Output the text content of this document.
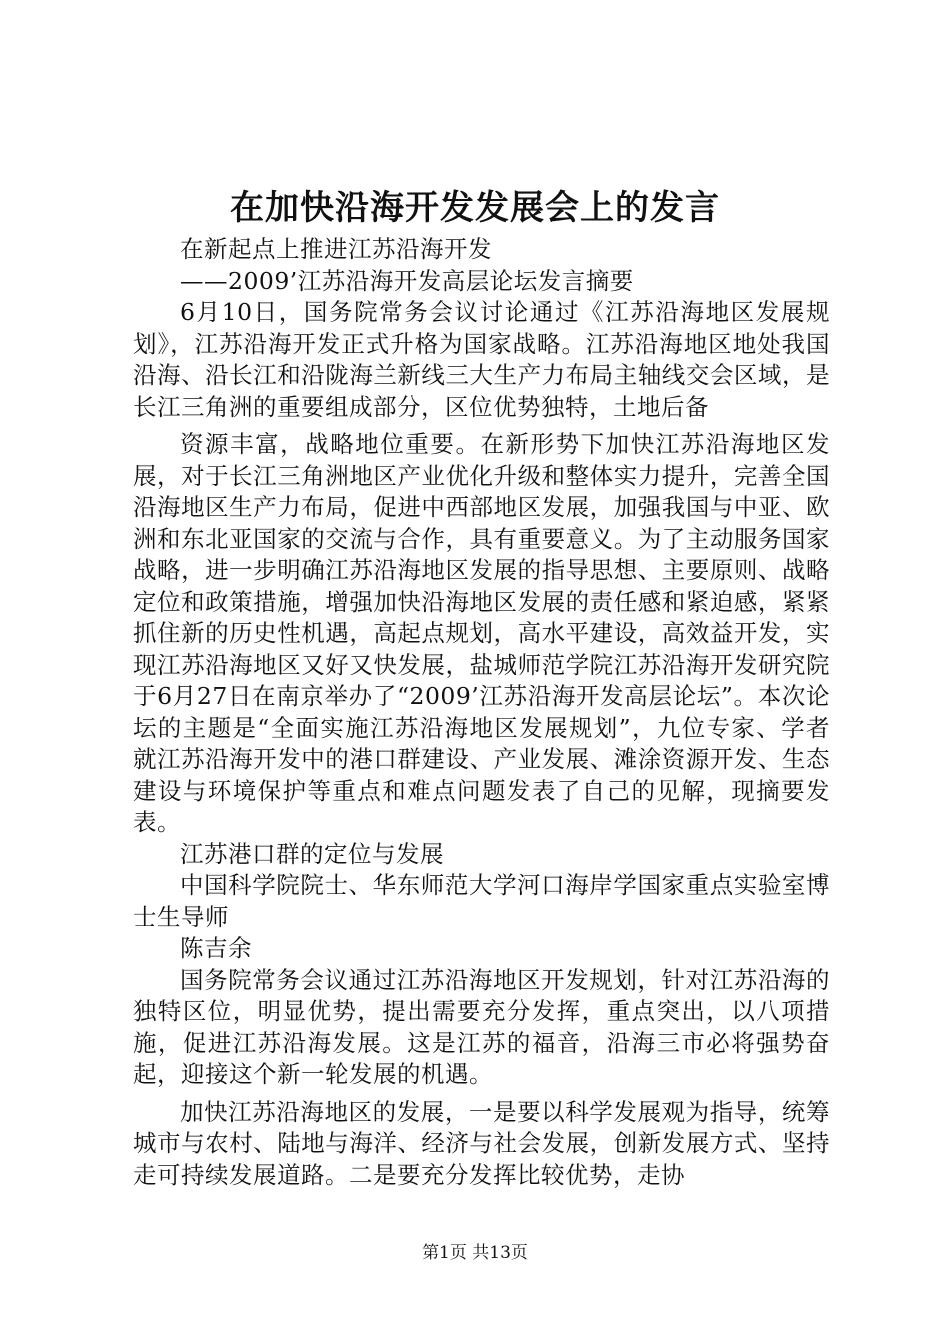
在加快沿海开发发展会上的发言

在新起点上推进江苏沿海开发

——2009’江苏沿海开发高层论坛发言摘要

6月10日，国务院常务会议讨论通过《江苏沿海地区发展规划》，江苏沿海开发正式升格为国家战略。江苏沿海地区地处我国沿海、沿长江和沿陇海兰新线三大生产力布局主轴线交会区域，是长江三角洲的重要组成部分，区位优势独特，土地后备

资源丰富，战略地位重要。在新形势下加快江苏沿海地区发展，对于长江三角洲地区产业优化升级和整体实力提升，完善全国沿海地区生产力布局，促进中西部地区发展，加强我国与中亚、欧洲和东北亚国家的交流与合作，具有重要意义。为了主动服务国家战略，进一步明确江苏沿海地区发展的指导思想、主要原则、战略定位和政策措施，增强加快沿海地区发展的责任感和紧迫感，紧紧抓住新的历史性机遇，高起点规划，高水平建设，高效益开发，实现江苏沿海地区又好又快发展，盐城师范学院江苏沿海开发研究院于6月27日在南京举办了“2009’江苏沿海开发高层论坛”。本次论坛的主题是“全面实施江苏沿海地区发展规划”，九位专家、学者就江苏沿海开发中的港口群建设、产业发展、滩涂资源开发、生态建设与环境保护等重点和难点问题发表了自己的见解，现摘要发表。

江苏港口群的定位与发展

中国科学院院士、华东师范大学河口海岸学国家重点实验室博士生导师

陈吉余

国务院常务会议通过江苏沿海地区开发规划，针对江苏沿海的独特区位，明显优势，提出需要充分发挥，重点突出，以八项措施，促进江苏沿海发展。这是江苏的福音，沿海三市必将强势奋起，迎接这个新一轮发展的机遇。

加快江苏沿海地区的发展，一是要以科学发展观为指导，统筹城市与农村、陆地与海洋、经济与社会发展，创新发展方式、坚持走可持续发展道路。二是要充分发挥比较优势，走协

第1页 共13页
